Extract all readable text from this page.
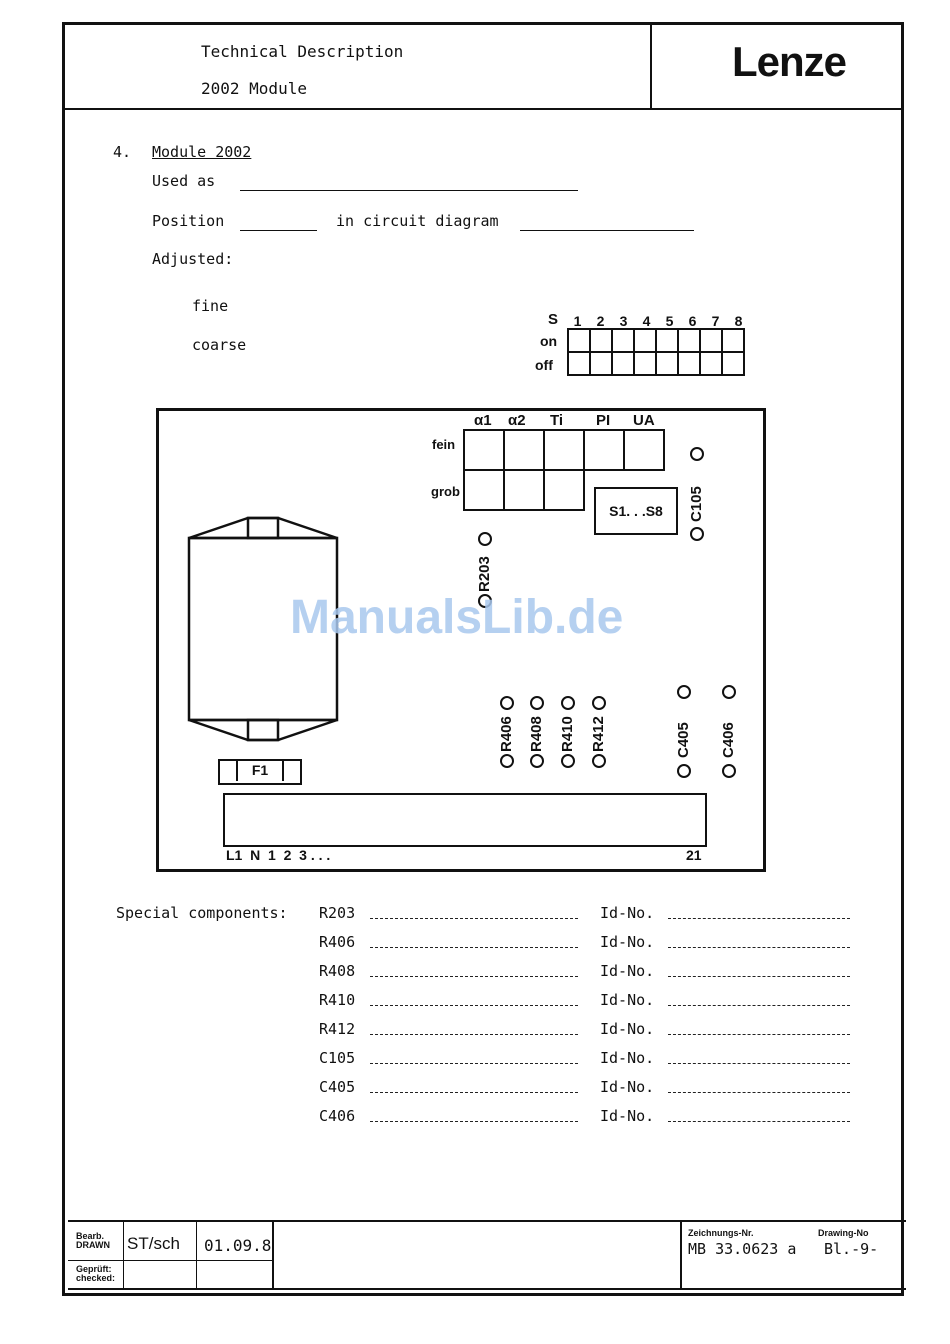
Technical Description
2002 Module
Lenze
4. Module 2002
Used as
Position	in circuit diagram
Adjusted:
fine
coarse
S	1	2	3	4	5	6	7	8
on
off

α1 α2 Ti PI UA
fein
grob

S1. . .S8	C105
R203
F1
R406 R408 R410 R412	C405 C406
L1  N  1  2  3 . . .	21
ManualsLib.de
Special components: R203	Id-No.
R406	Id-No.
R408	Id-No.
R410	Id-No.
R412	Id-No.
C105	Id-No.
C405	Id-No.
C406	Id-No.
Bearb.
DRAWN ST/sch 01.09.8
Geprüft:
checked:
Zeichnungs-Nr.	Drawing-No
MB 33.0623 a Bl.-9-
